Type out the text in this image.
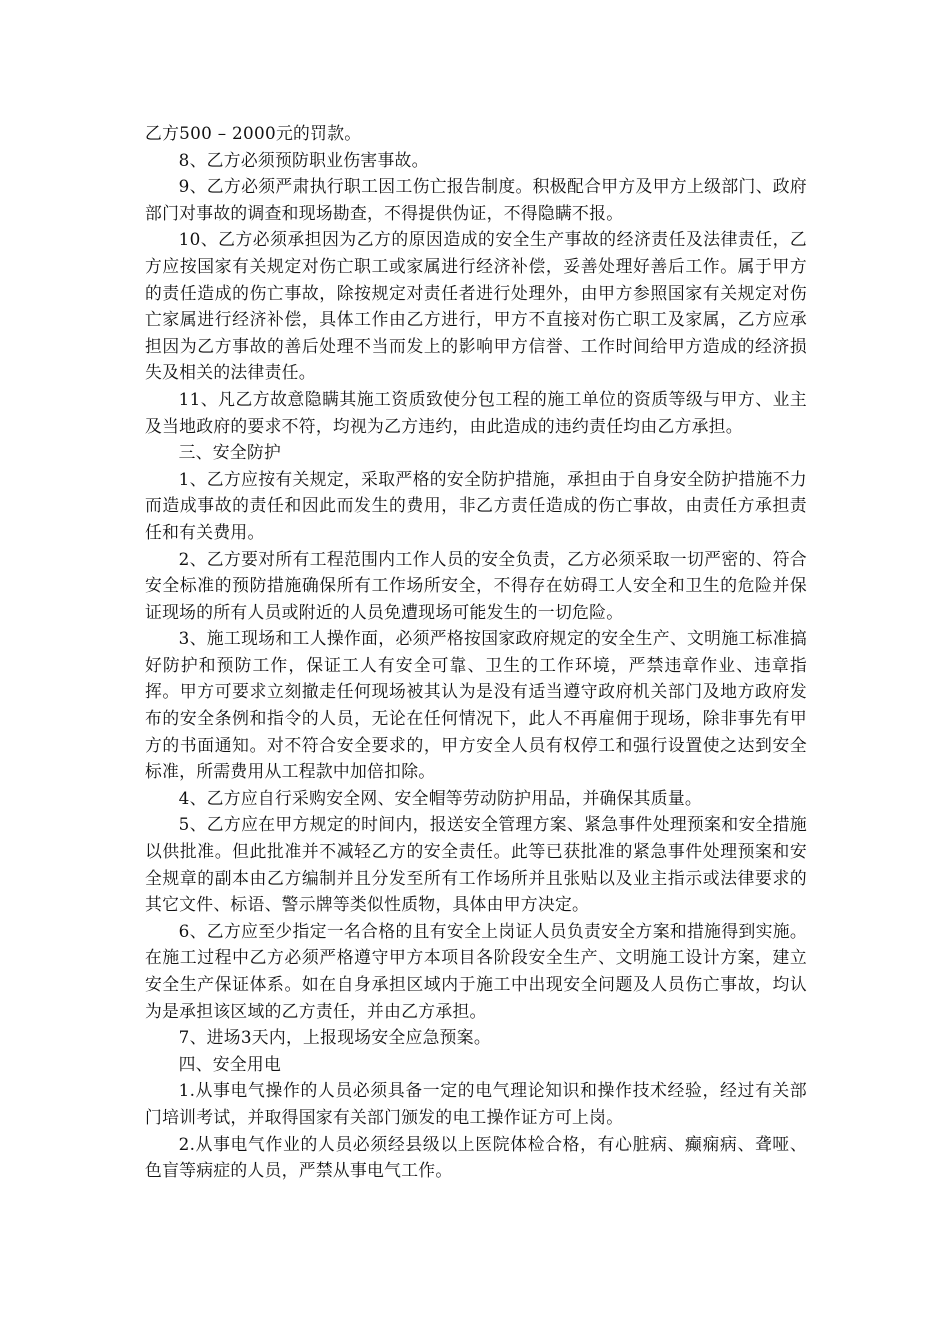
乙方500 – 2000元的罚款。

8、乙方必须预防职业伤害事故。

9、乙方必须严肃执行职工因工伤亡报告制度。积极配合甲方及甲方上级部门、政府部门对事故的调查和现场勘查，不得提供伪证，不得隐瞒不报。

10、乙方必须承担因为乙方的原因造成的安全生产事故的经济责任及法律责任，乙方应按国家有关规定对伤亡职工或家属进行经济补偿，妥善处理好善后工作。属于甲方的责任造成的伤亡事故，除按规定对责任者进行处理外，由甲方参照国家有关规定对伤亡家属进行经济补偿，具体工作由乙方进行，甲方不直接对伤亡职工及家属，乙方应承担因为乙方事故的善后处理不当而发上的影响甲方信誉、工作时间给甲方造成的经济损失及相关的法律责任。

11、凡乙方故意隐瞒其施工资质致使分包工程的施工单位的资质等级与甲方、业主及当地政府的要求不符，均视为乙方违约，由此造成的违约责任均由乙方承担。

三、安全防护

1、乙方应按有关规定，采取严格的安全防护措施，承担由于自身安全防护措施不力而造成事故的责任和因此而发生的费用，非乙方责任造成的伤亡事故，由责任方承担责任和有关费用。

2、乙方要对所有工程范围内工作人员的安全负责，乙方必须采取一切严密的、符合安全标准的预防措施确保所有工作场所安全，不得存在妨碍工人安全和卫生的危险并保证现场的所有人员或附近的人员免遭现场可能发生的一切危险。

3、施工现场和工人操作面，必须严格按国家政府规定的安全生产、文明施工标准搞好防护和预防工作，保证工人有安全可靠、卫生的工作环境，严禁违章作业、违章指挥。甲方可要求立刻撤走任何现场被其认为是没有适当遵守政府机关部门及地方政府发布的安全条例和指令的人员，无论在任何情况下，此人不再雇佣于现场，除非事先有甲方的书面通知。对不符合安全要求的，甲方安全人员有权停工和强行设置使之达到安全标准，所需费用从工程款中加倍扣除。

4、乙方应自行采购安全网、安全帽等劳动防护用品，并确保其质量。

5、乙方应在甲方规定的时间内，报送安全管理方案、紧急事件处理预案和安全措施以供批准。但此批准并不减轻乙方的安全责任。此等已获批准的紧急事件处理预案和安全规章的副本由乙方编制并且分发至所有工作场所并且张贴以及业主指示或法律要求的其它文件、标语、警示牌等类似性质物，具体由甲方决定。

6、乙方应至少指定一名合格的且有安全上岗证人员负责安全方案和措施得到实施。在施工过程中乙方必须严格遵守甲方本项目各阶段安全生产、文明施工设计方案，建立安全生产保证体系。如在自身承担区域内于施工中出现安全问题及人员伤亡事故，均认为是承担该区域的乙方责任，并由乙方承担。

7、进场3天内，上报现场安全应急预案。

四、安全用电

1.从事电气操作的人员必须具备一定的电气理论知识和操作技术经验，经过有关部门培训考试，并取得国家有关部门颁发的电工操作证方可上岗。

2.从事电气作业的人员必须经县级以上医院体检合格，有心脏病、癫痫病、聋哑、色盲等病症的人员，严禁从事电气工作。
